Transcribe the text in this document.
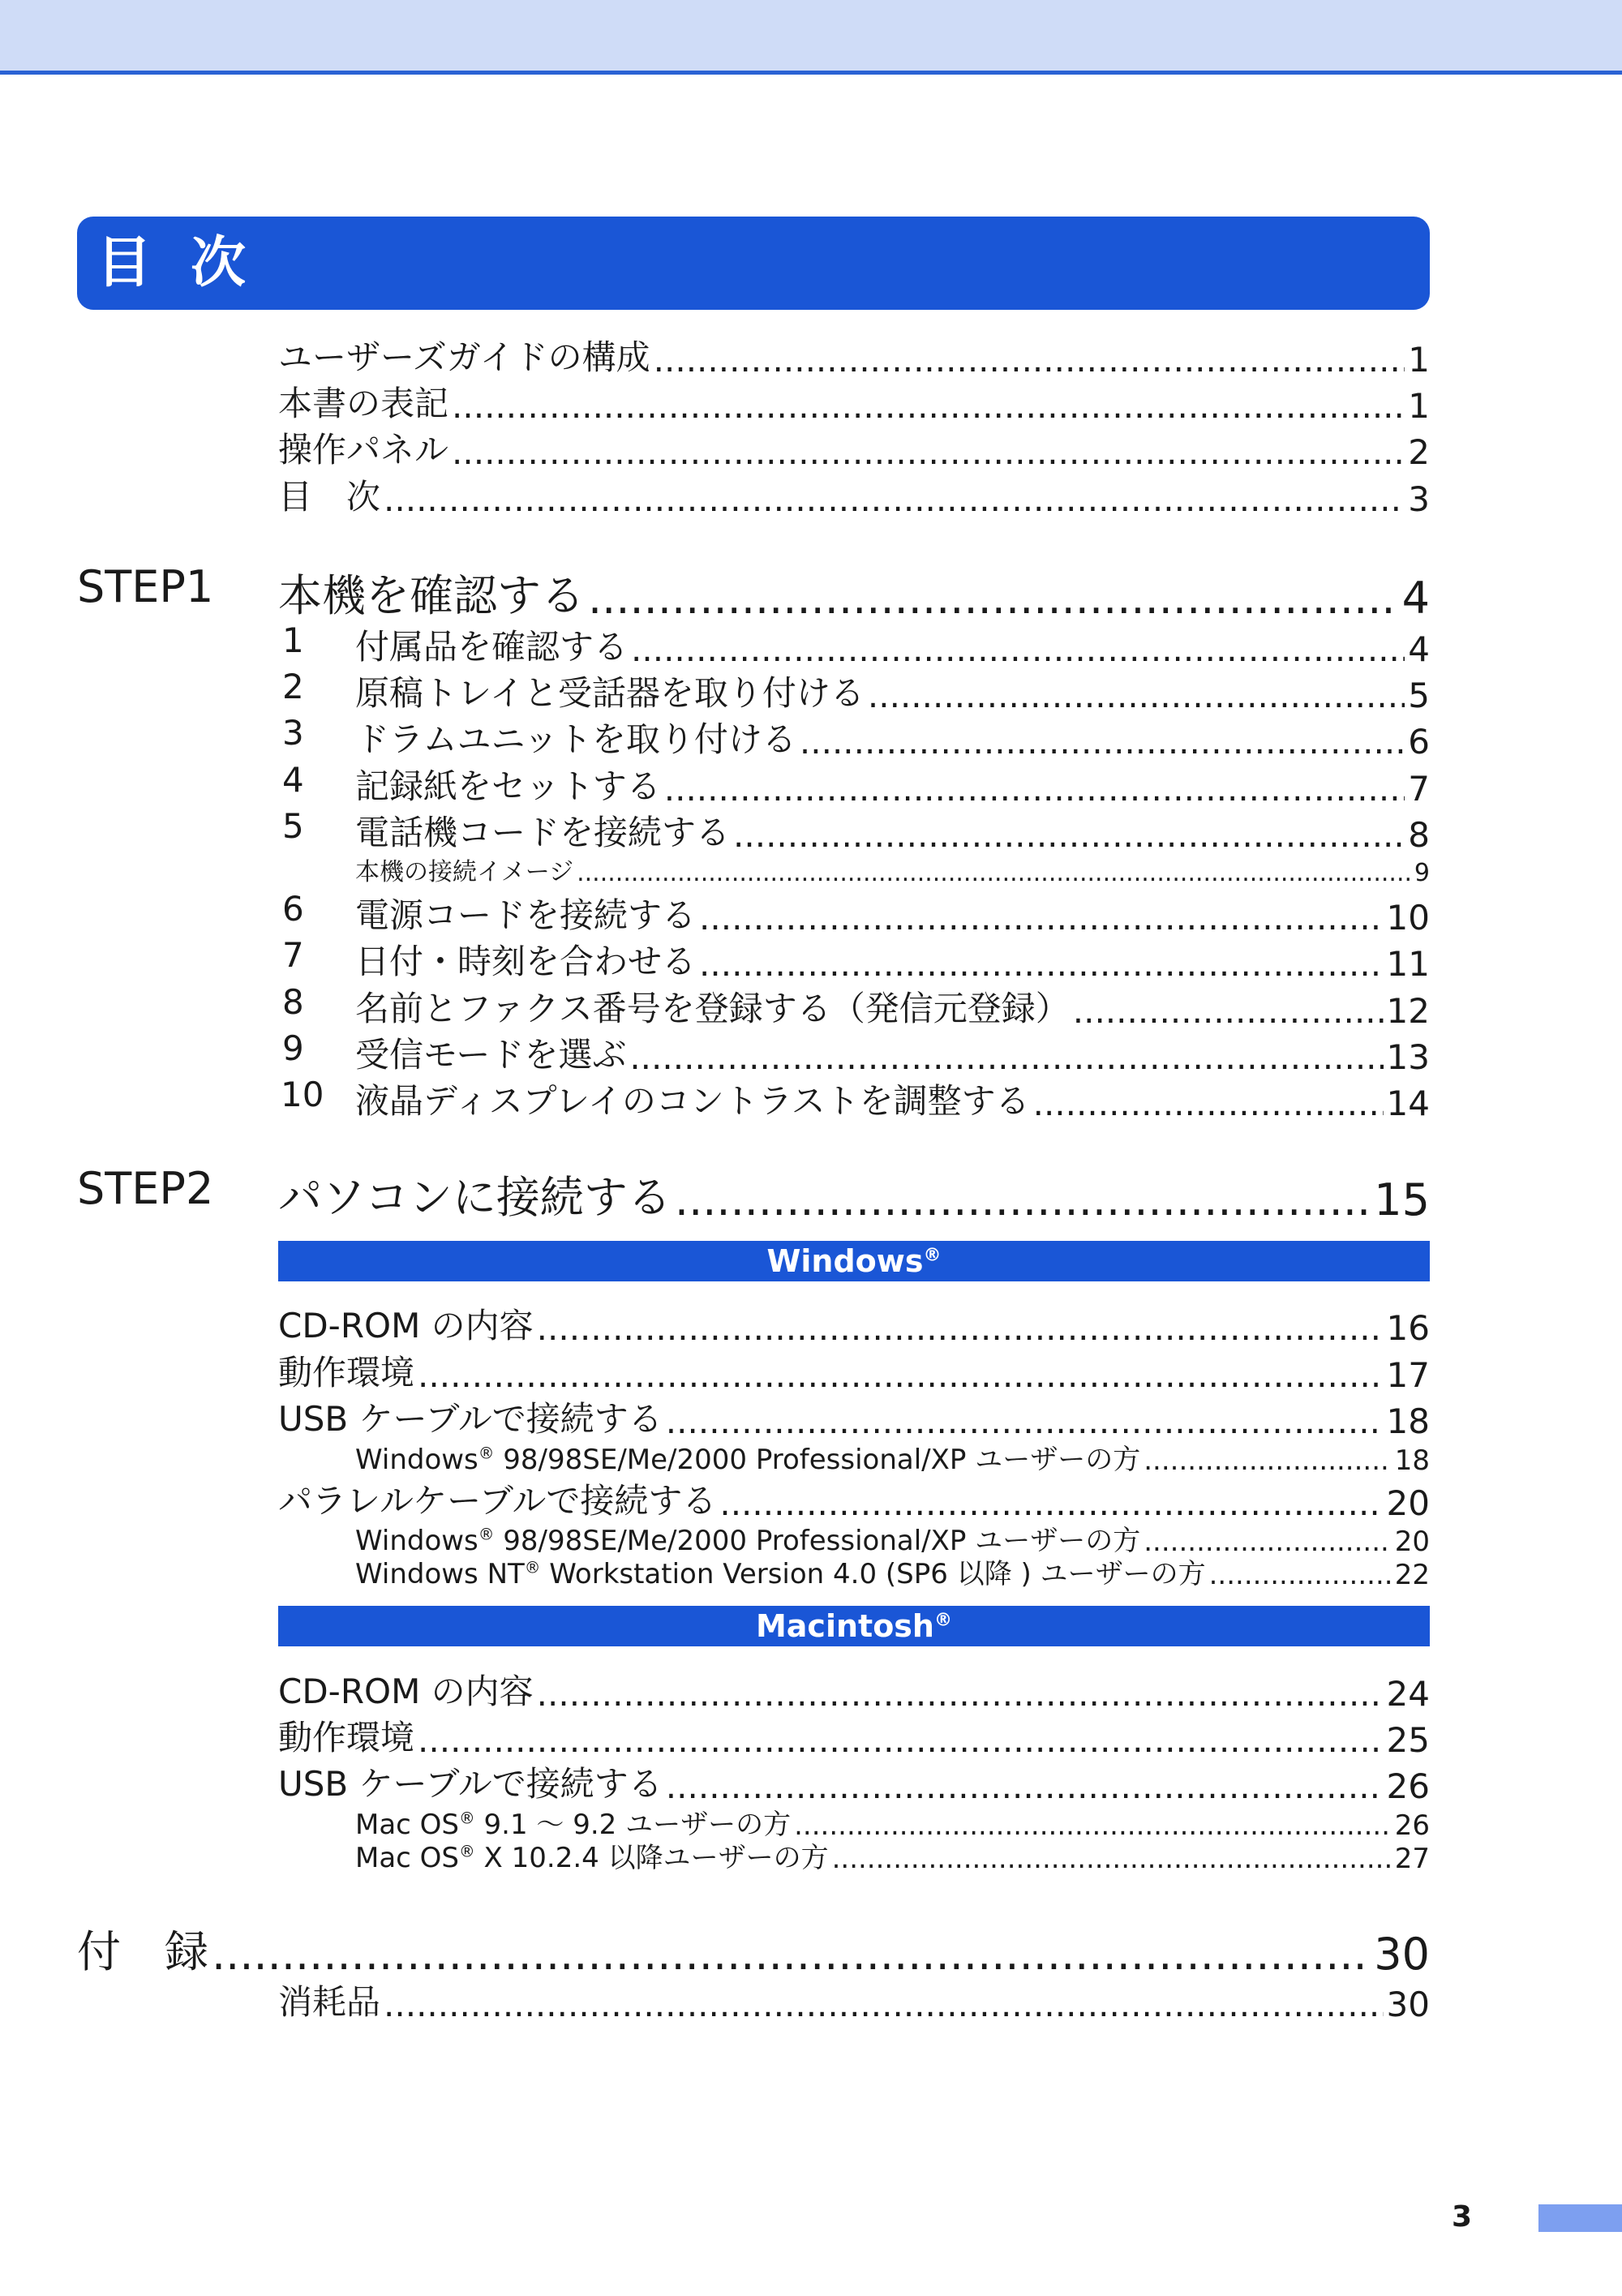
目次
ユーザーズガイドの構成 .....	1
本書の表記 .....	1
操作パネル .....	2
目　次 .....	3
STEP1 本機を確認する .....	4
1 付属品を確認する .....	4
2 原稿トレイと受話器を取り付ける .....	5
3 ドラムユニットを取り付ける .....	6
4 記録紙をセットする .....	7
5 電話機コードを接続する .....	8
本機の接続イメージ .....	9
6 電源コードを接続する .....	10
7 日付・時刻を合わせる .....	11
8 名前とファクス番号を登録する（発信元登録） .....	12
9 受信モードを選ぶ .....	13
10 液晶ディスプレイのコントラストを調整する .....	14
STEP2 パソコンに接続する .....	15
Windows®
CD-ROM の内容 .....	16
動作環境 .....	17
USB ケーブルで接続する .....	18
Windows® 98/98SE/Me/2000 Professional/XP ユーザーの方 .....	18
パラレルケーブルで接続する .....	20
Windows® 98/98SE/Me/2000 Professional/XP ユーザーの方 .....	20
Windows NT® Workstation Version 4.0 (SP6 以降 ) ユーザーの方 .....	22
Macintosh®
CD-ROM の内容 .....	24
動作環境 .....	25
USB ケーブルで接続する .....	26
Mac OS® 9.1 ～ 9.2 ユーザーの方 .....	26
Mac OS® X 10.2.4 以降ユーザーの方 .....	27
付　録 .....	30
消耗品 .....	30
3
